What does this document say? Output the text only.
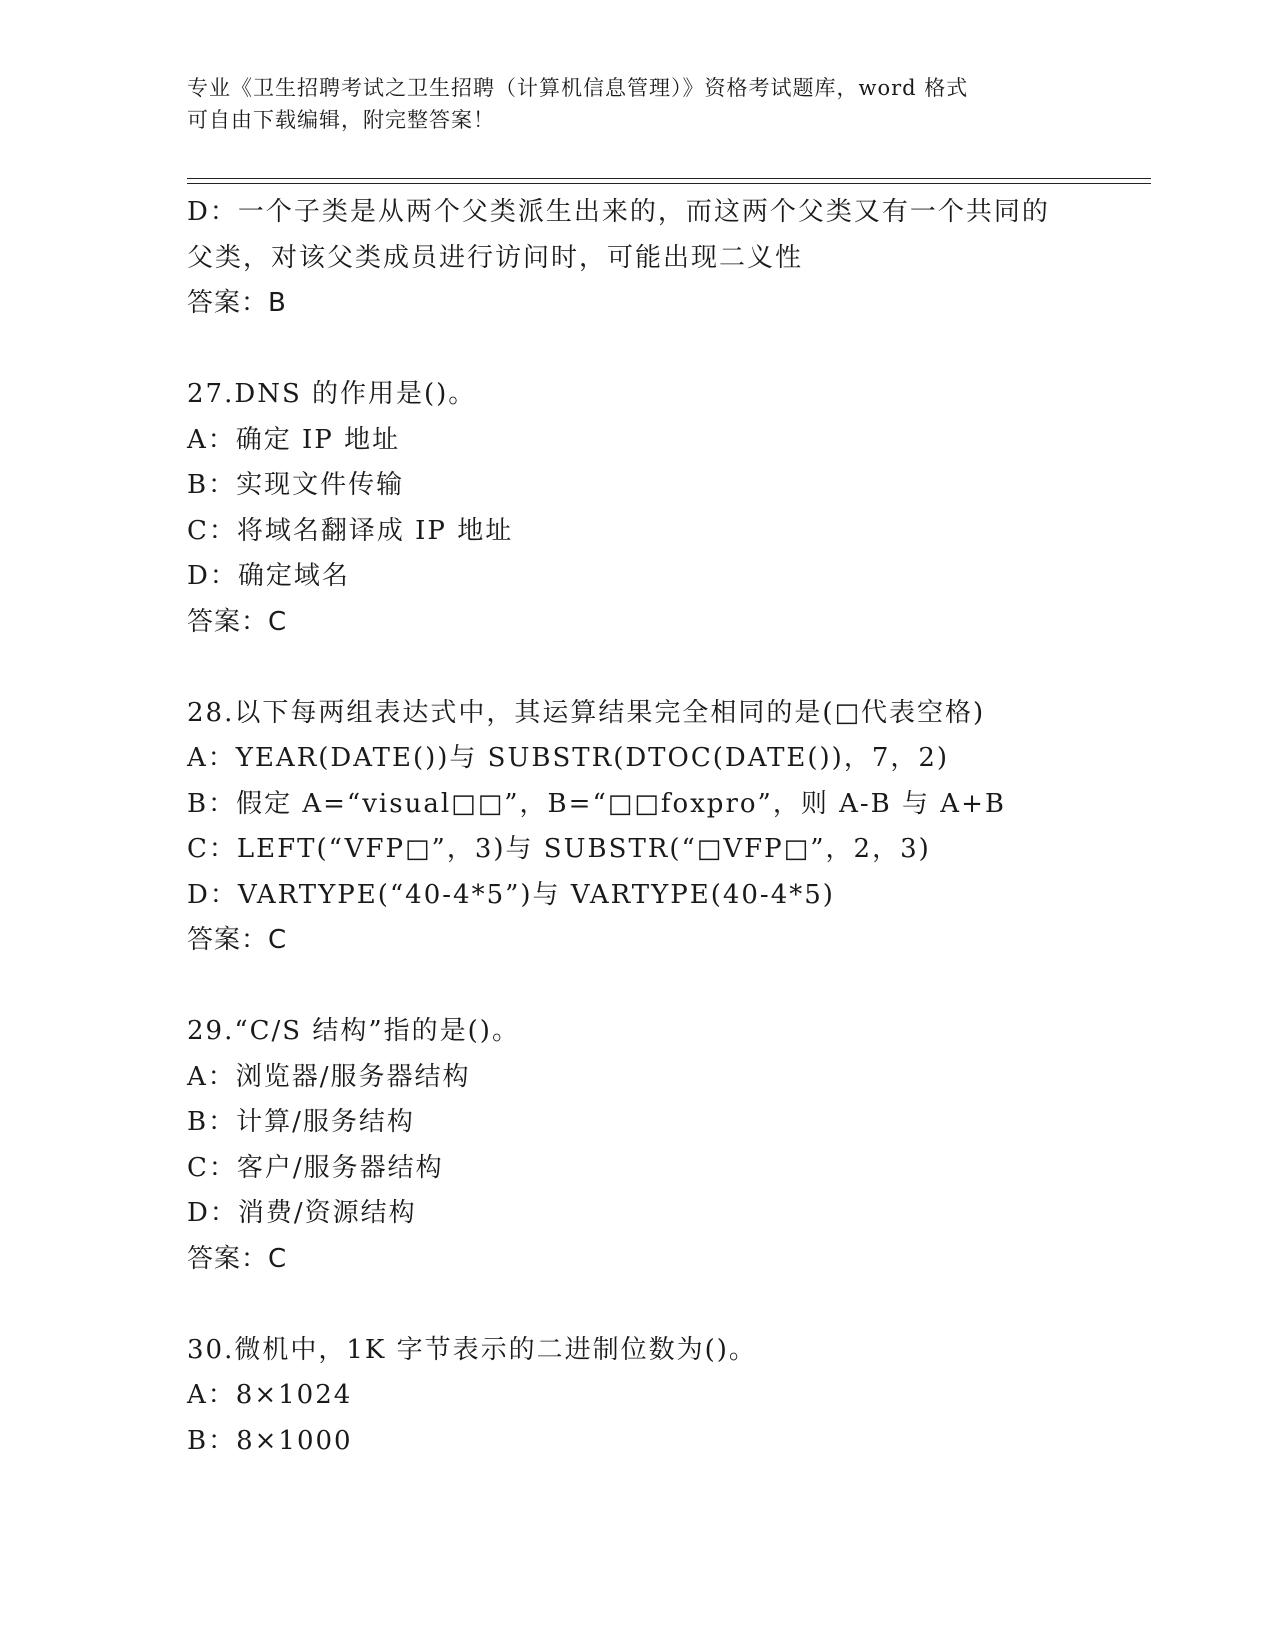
专业《卫生招聘考试之卫生招聘（计算机信息管理）》资格考试题库，word 格式
可自由下载编辑，附完整答案！
D：一个子类是从两个父类派生出来的，而这两个父类又有一个共同的
父类，对该父类成员进行访问时，可能出现二义性
答案：B
27.DNS 的作用是()。
A：确定 IP 地址
B：实现文件传输
C：将域名翻译成 IP 地址
D：确定域名
答案：C
28.以下每两组表达式中，其运算结果完全相同的是(□代表空格)
A：YEAR(DATE())与 SUBSTR(DTOC(DATE())，7，2)
B：假定 A=“visual□□”，B=“□□foxpro”，则 A-B 与 A+B
C：LEFT(“VFP□”，3)与 SUBSTR(“□VFP□”，2，3)
D：VARTYPE(“40-4*5”)与 VARTYPE(40-4*5)
答案：C
29.“C/S 结构”指的是()。
A：浏览器/服务器结构
B：计算/服务结构
C：客户/服务器结构
D：消费/资源结构
答案：C
30.微机中，1K 字节表示的二进制位数为()。
A：8×1024
B：8×1000
